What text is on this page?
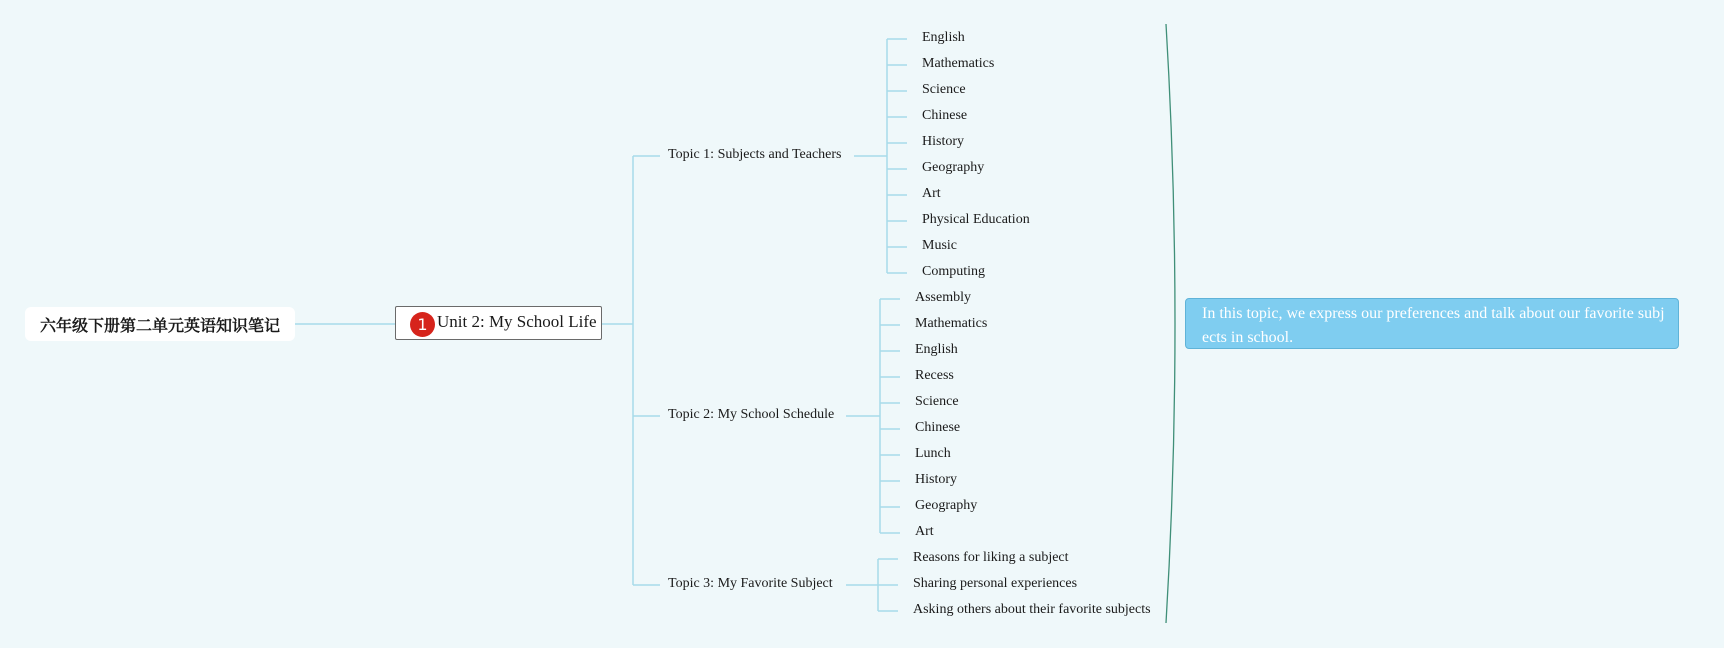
六年级下册第二单元英语知识笔记	1 Unit 2: My School Life
Topic 1: Subjects and Teachers
English
Mathematics
Science
Chinese
History
Geography
Art
Physical Education
Music
Computing
Topic 2: My School Schedule
Assembly
Mathematics
English
Recess
Science
Chinese
Lunch
History
Geography
Art
Topic 3: My Favorite Subject
Reasons for liking a subject
Sharing personal experiences
Asking others about their favorite subjects
In this topic, we express our preferences and talk about our favorite subjects in school.
